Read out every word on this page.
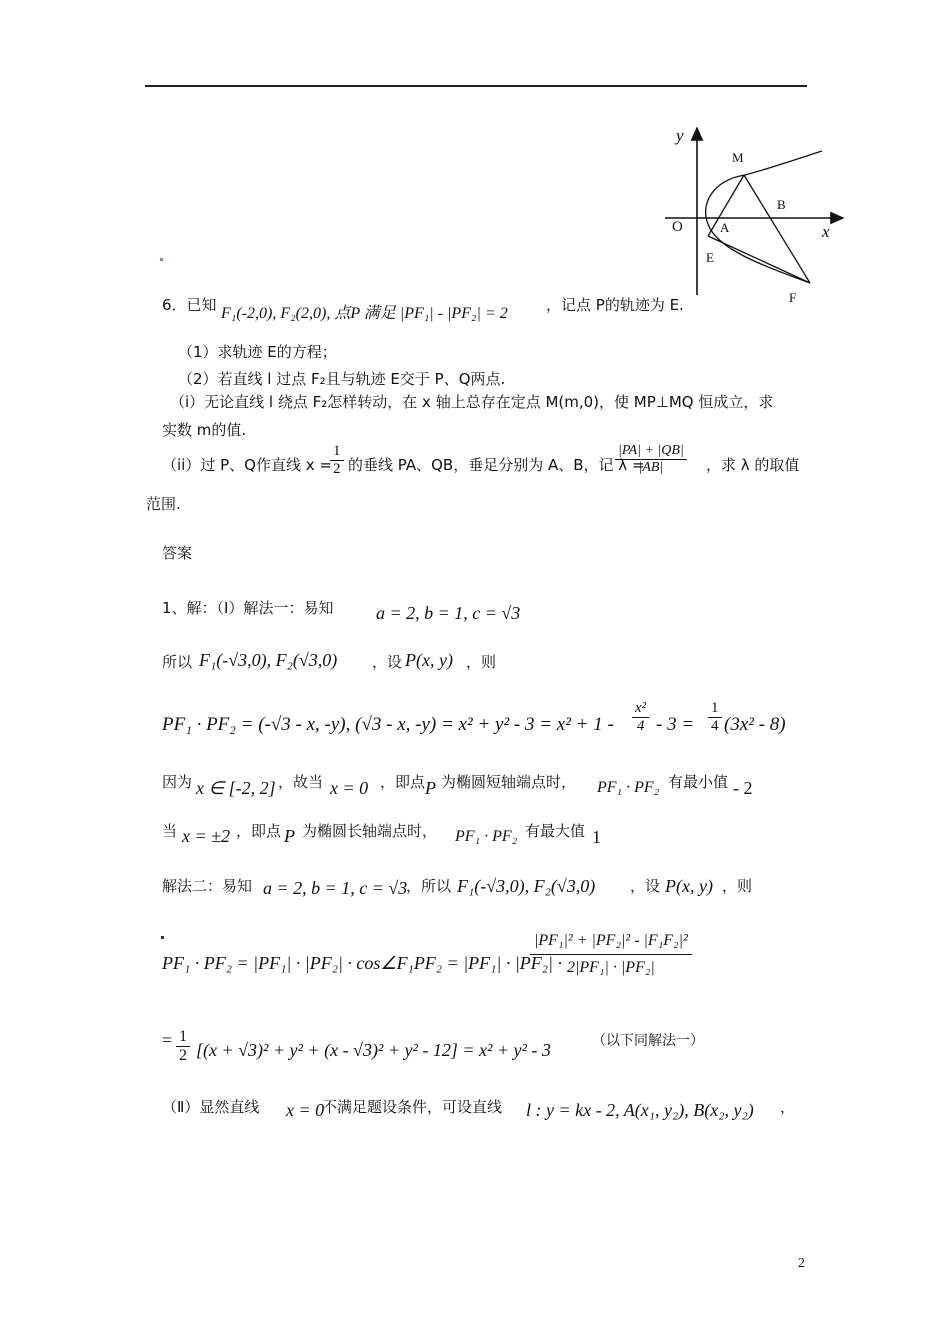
y
x
M
B
O	A
E
F
6．已知 F₁(-2,0), F₂(2,0), 点P 满足 |PF₁| - |PF₂| = 2	，记点 P的轨迹为 E.
（1）求轨迹 E的方程；
（2）若直线 l 过点 F₂且与轨迹 E交于 P、Q两点.
（i）无论直线 l 绕点 F₂怎样转动，在 x 轴上总存在定点 M(m,0)，使 MP⊥MQ 恒成立，求
实数 m的值.
（ii）过 P、Q作直线 x =
$\frac{1}{2}$ 的垂线 PA、QB，垂足分别为 A、B，记 λ =
$\frac{|PA| + |QB|}{|AB|}$ ，求 λ 的取值
范围.
答案
1、解：（Ⅰ）解法一：易知 a = 2, b = 1, c = √3
所以 F₁(-√3,0), F₂(√3,0) ，设 P(x, y) ，则
PF₁ · PF₂ = (-√3 - x, -y), (√3 - x, $-y) = x^2 + y^2 - 3 = x^2 + 1 - \frac{\text{x²}}{4} - 3 = \frac{1}{4} (3x^2 - 8)$
因为 x ∈ [-2, 2] ，故当 x = 0 ，即点 P 为椭圆短轴端点时， PF₁ · PF₂ 有最小值 - 2
当 x = ±2 ，即点 P 为椭圆长轴端点时， PF₁ · PF₂ 有最大值 1
解法二：易知 a = 2, b = 1, c = √3
，所以 F₁(-√3,0), F₂(√3,0) ，设 P(x, y) ，则
PF₁ · PF₂ = |PF₁| · |PF₂| · cos∠F₁PF₂ = |PF₁| · |PF₂| ·
$\frac{\text{|PF₁|² + |PF₂|² - |F₁F₂|²}}{\text{2|PF₁| · |PF₂|}}$
= $\frac{1}{2} [(x + √3)^2 + y^2 + (x - √3)^2 + y^2 - 12] = x^2 + y^2 - 3$	（以下同解法一）
（Ⅱ）显然直线 x = 0
不满足题设条件，可设直线 l : y = kx - 2, A(x₁, y₂), B(x₂, y₂) ，
2
